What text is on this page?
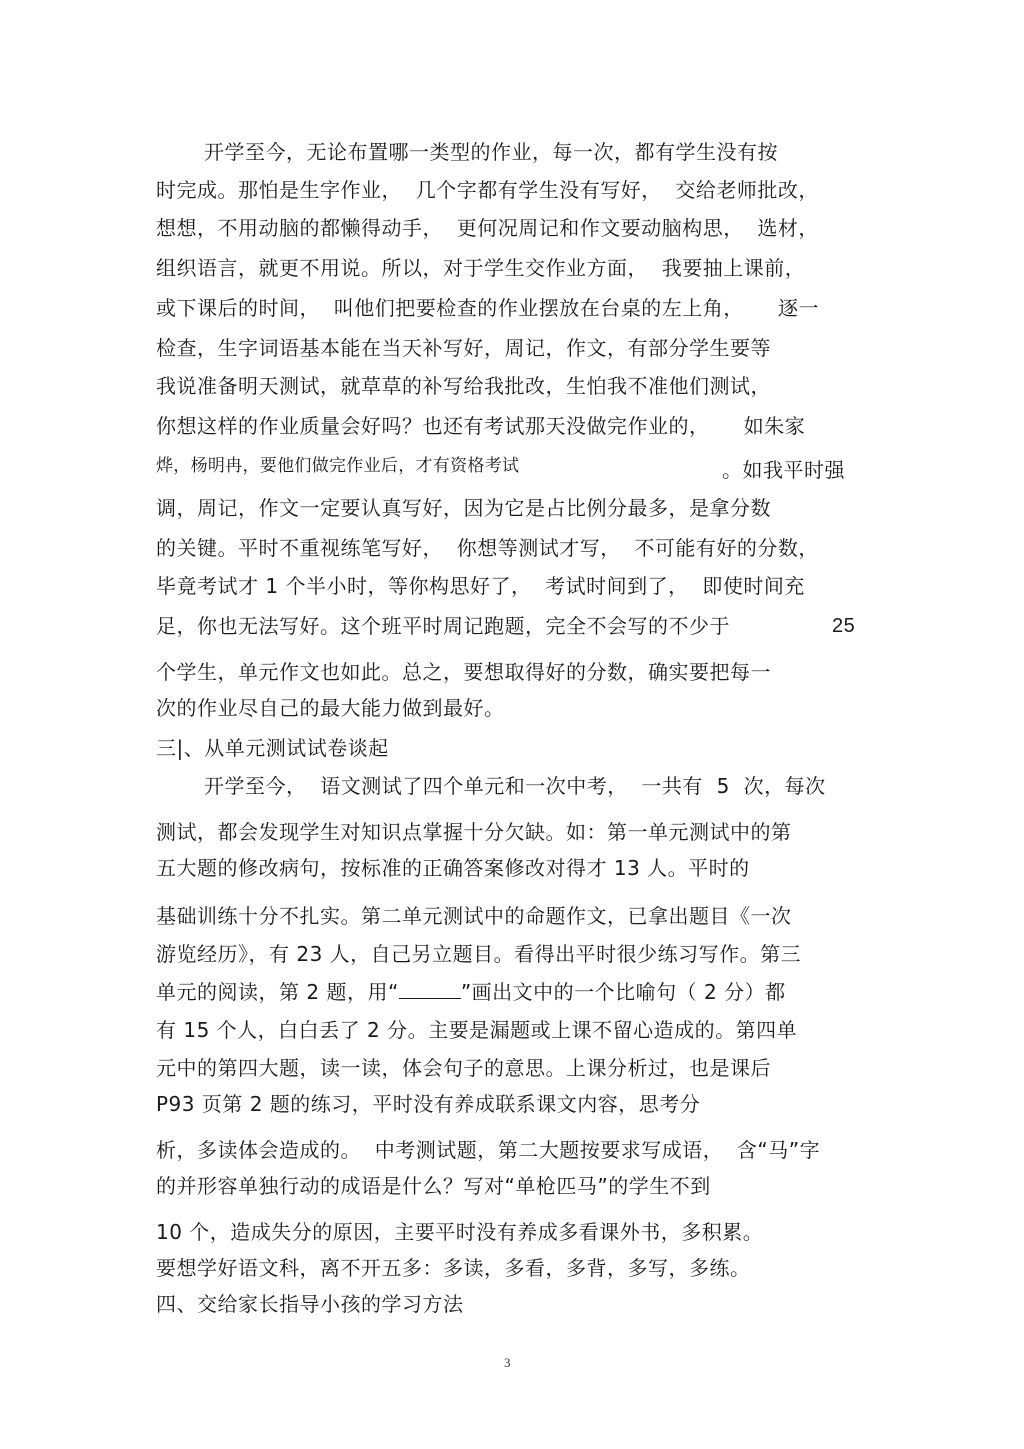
开学至今，无论布置哪一类型的作业，每一次，都有学生没有按
时完成。那怕是生字作业，  几个字都有学生没有写好，  交给老师批改，
想想，不用动脑的都懒得动手，  更何况周记和作文要动脑构思，  选材，
组织语言，就更不用说。所以，对于学生交作业方面，  我要抽上课前，
或下课后的时间，  叫他们把要检查的作业摆放在台桌的左上角，     逐一
检查，生字词语基本能在当天补写好，周记，作文，有部分学生要等
我说准备明天测试，就草草的补写给我批改，生怕我不准他们测试，
你想这样的作业质量会好吗？也还有考试那天没做完作业的，     如朱家
烨，杨明冉，要他们做完作业后，才有资格考试	。如我平时强
调，周记，作文一定要认真写好，因为它是占比例分最多，是拿分数
的关键。平时不重视练笔写好，  你想等测试才写，  不可能有好的分数，
毕竟考试才 1 个半小时，等你构思好了，  考试时间到了，  即使时间充
足，你也无法写好。这个班平时周记跑题，完全不会写的不少于	25
个学生，单元作文也如此。总之，要想取得好的分数，确实要把每一
次的作业尽自己的最大能力做到最好。
三|、从单元测试试卷谈起
开学至今，  语文测试了四个单元和一次中考，  一共有  5  次，每次
测试，都会发现学生对知识点掌握十分欠缺。如：第一单元测试中的第
五大题的修改病句，按标准的正确答案修改对得才 13 人。平时的
基础训练十分不扎实。第二单元测试中的命题作文，已拿出题目《一次
游览经历》，有 23 人，自己另立题目。看得出平时很少练习写作。第三
单元的阅读，第 2 题，用“	”画出文中的一个比喻句（ 2 分）都
有 15 个人，白白丢了 2 分。主要是漏题或上课不留心造成的。第四单
元中的第四大题，读一读，体会句子的意思。上课分析过，也是课后
P93 页第 2 题的练习，平时没有养成联系课文内容，思考分
析，多读体会造成的。  中考测试题，第二大题按要求写成语，  含“马”字
的并形容单独行动的成语是什么？写对“单枪匹马”的学生不到
10 个，造成失分的原因，主要平时没有养成多看课外书，多积累。
要想学好语文科，离不开五多：多读，多看，多背，多写，多练。
四、交给家长指导小孩的学习方法
3
